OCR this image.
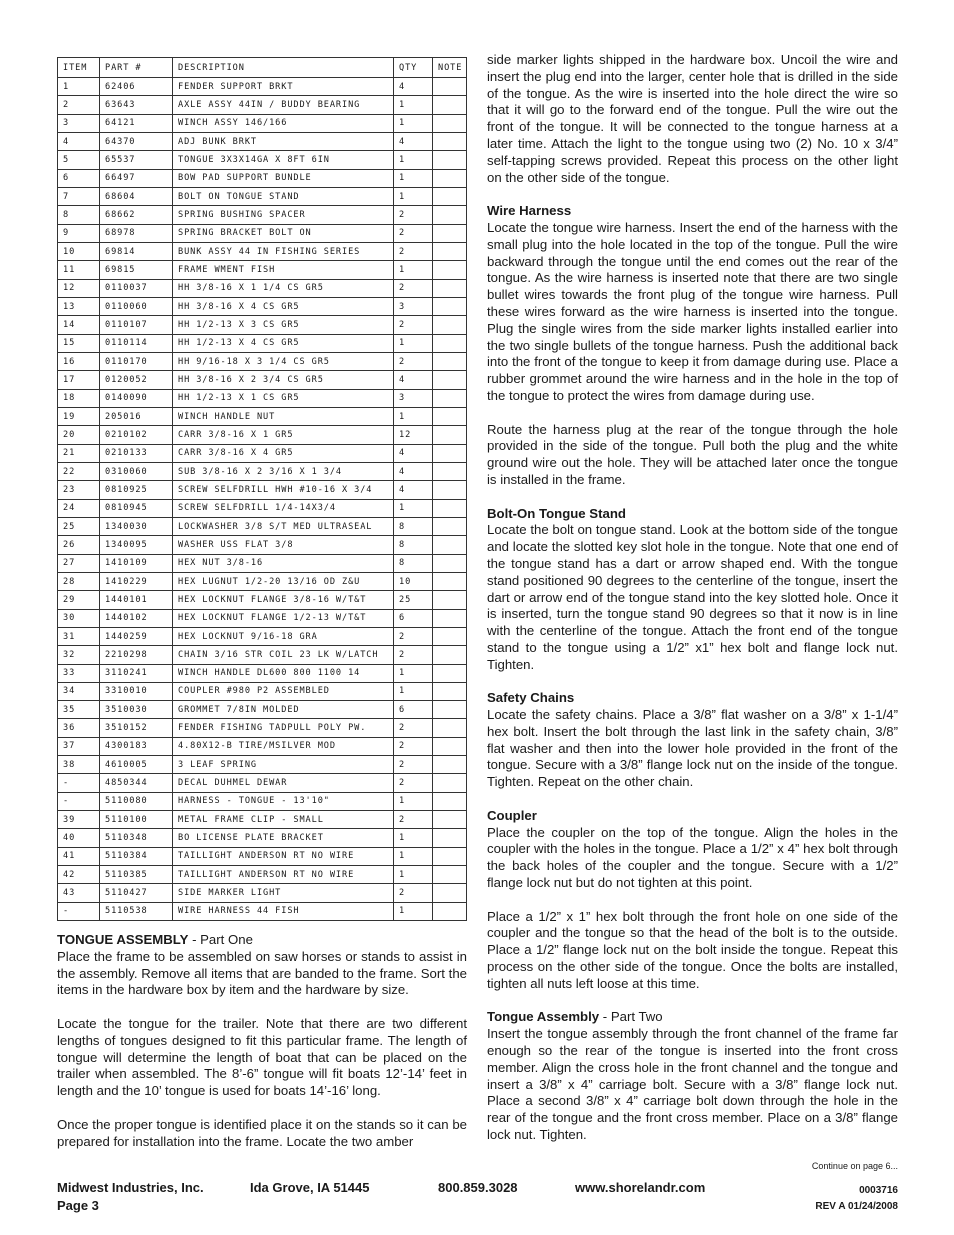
ITEM	PART #	DESCRIPTION	QTY	NOTE
1	62406	FENDER SUPPORT BRKT	4	
2	63643	AXLE ASSY 44IN / BUDDY BEARING	1	
3	64121	WINCH ASSY 146/166	1	
4	64370	ADJ BUNK BRKT	4	
5	65537	TONGUE 3X3X14GA X 8FT 6IN	1	
6	66497	BOW PAD SUPPORT BUNDLE	1	
7	68604	BOLT ON TONGUE STAND	1	
8	68662	SPRING BUSHING SPACER	2	
9	68978	SPRING BRACKET BOLT ON	2	
10	69814	BUNK ASSY 44 IN FISHING SERIES	2	
11	69815	FRAME WMENT FISH	1	
12	0110037	HH 3/8-16 X 1 1/4 CS GR5	2	
13	0110060	HH 3/8-16 X 4 CS GR5	3	
14	0110107	HH 1/2-13 X 3 CS GR5	2	
15	0110114	HH 1/2-13 X 4 CS GR5	1	
16	0110170	HH 9/16-18 X 3 1/4 CS GR5	2	
17	0120052	HH 3/8-16 X 2 3/4 CS GR5	4	
18	0140090	HH 1/2-13 X 1 CS GR5	3	
19	205016	WINCH HANDLE NUT	1	
20	0210102	CARR 3/8-16 X 1 GR5	12	
21	0210133	CARR 3/8-16 X 4 GR5	4	
22	0310060	SUB 3/8-16 X 2 3/16 X 1 3/4	4	
23	0810925	SCREW SELFDRILL HWH #10-16 X 3/4	4	
24	0810945	SCREW SELFDRILL 1/4-14X3/4	1	
25	1340030	LOCKWASHER 3/8 S/T MED ULTRASEAL	8	
26	1340095	WASHER USS FLAT 3/8	8	
27	1410109	HEX NUT 3/8-16	8	
28	1410229	HEX LUGNUT 1/2-20 13/16 OD Z&U	10	
29	1440101	HEX LOCKNUT FLANGE 3/8-16 W/T&T	25	
30	1440102	HEX LOCKNUT FLANGE 1/2-13 W/T&T	6	
31	1440259	HEX LOCKNUT 9/16-18 GRA	2	
32	2210298	CHAIN 3/16 STR COIL 23 LK W/LATCH	2	
33	3110241	WINCH HANDLE DL600 800 1100 14	1	
34	3310010	COUPLER #980 P2 ASSEMBLED	1	
35	3510030	GROMMET 7/8IN MOLDED	6	
36	3510152	FENDER FISHING TADPULL POLY PW.	2	
37	4300183	4.80X12-B TIRE/MSILVER MOD	2	
38	4610005	3 LEAF SPRING	2	
-	4850344	DECAL DUHMEL DEWAR	2	
-	5110080	HARNESS - TONGUE - 13'10"	1	
39	5110100	METAL FRAME CLIP - SMALL	2	
40	5110348	BO LICENSE PLATE BRACKET	1	
41	5110384	TAILLIGHT ANDERSON RT NO WIRE	1	
42	5110385	TAILLIGHT ANDERSON RT NO WIRE	1	
43	5110427	SIDE MARKER LIGHT	2	
-	5110538	WIRE HARNESS 44 FISH	1	
TONGUE ASSEMBLY - Part One
Place the frame to be assembled on saw horses or stands to assist in the assembly. Remove all items that are banded to the frame. Sort the items in the hardware box by item and the hardware by size.
Locate the tongue for the trailer. Note that there are two different lengths of tongues designed to fit this particular frame. The length of tongue will determine the length of boat that can be placed on the trailer when assembled. The 8’-6” tongue will fit boats 12’-14’ feet in length and the 10’ tongue is used for boats 14’-16’ long.
Once the proper tongue is identified place it on the stands so it can be prepared for installation into the frame. Locate the two amber
side marker lights shipped in the hardware box. Uncoil the wire and insert the plug end into the larger, center hole that is drilled in the side of the tongue. As the wire is inserted into the hole direct the wire so that it will go to the forward end of the tongue. Pull the wire out the front of the tongue. It will be connected to the tongue harness at a later time. Attach the light to the tongue using two (2) No. 10 x 3/4” self-tapping screws provided. Repeat this process on the other light on the other side of the tongue.
Wire Harness
Locate the tongue wire harness. Insert the end of the harness with the small plug into the hole located in the top of the tongue. Pull the wire backward through the tongue until the end comes out the rear of the tongue. As the wire harness is inserted note that there are two single bullet wires towards the front plug of the tongue wire harness. Pull these wires forward as the wire harness is inserted into the tongue. Plug the single wires from the side marker lights installed earlier into the two single bullets of the tongue harness. Push the additional back into the front of the tongue to keep it from damage during use. Place a rubber grommet around the wire harness and in the hole in the top of the tongue to protect the wires from damage during use.
Route the harness plug at the rear of the tongue through the hole provided in the side of the tongue. Pull both the plug and the white ground wire out the hole. They will be attached later once the tongue is installed in the frame.
Bolt-On Tongue Stand
Locate the bolt on tongue stand. Look at the bottom side of the tongue and locate the slotted key slot hole in the tongue. Note that one end of the tongue stand has a dart or arrow shaped end. With the tongue stand positioned 90 degrees to the centerline of the tongue, insert the dart or arrow end of the tongue stand into the key slotted hole. Once it is inserted, turn the tongue stand 90 degrees so that it now is in line with the centerline of the tongue. Attach the front end of the tongue stand to the tongue using a 1/2” x1” hex bolt and flange lock nut. Tighten.
Safety Chains
Locate the safety chains. Place a 3/8” flat washer on a 3/8” x 1-1/4” hex bolt. Insert the bolt through the last link in the safety chain, 3/8” flat washer and then into the lower hole provided in the front of the tongue. Secure with a 3/8” flange lock nut on the inside of the tongue. Tighten. Repeat on the other chain.
Coupler
Place the coupler on the top of the tongue. Align the holes in the coupler with the holes in the tongue. Place a 1/2” x 4” hex bolt through the back holes of the coupler and the tongue. Secure with a 1/2” flange lock nut but do not tighten at this point.
Place a 1/2” x 1” hex bolt through the front hole on one side of the coupler and the tongue so that the head of the bolt is to the outside. Place a 1/2” flange lock nut on the bolt inside the tongue. Repeat this process on the other side of the tongue. Once the bolts are installed, tighten all nuts left loose at this time.
Tongue Assembly - Part Two
Insert the tongue assembly through the front channel of the frame far enough so the rear of the tongue is inserted into the front cross member. Align the cross hole in the front channel and the tongue and insert a 3/8” x 4” carriage bolt. Secure with a 3/8” flange lock nut. Place a second 3/8” x 4” carriage bolt down through the hole in the rear of the tongue and the front cross member. Place on a 3/8” flange lock nut. Tighten.
Continue on page 6...
Midwest Industries, Inc.	Ida Grove, IA 51445	800.859.3028	www.shorelandr.com	0003716
Page 3	REV A 01/24/2008
